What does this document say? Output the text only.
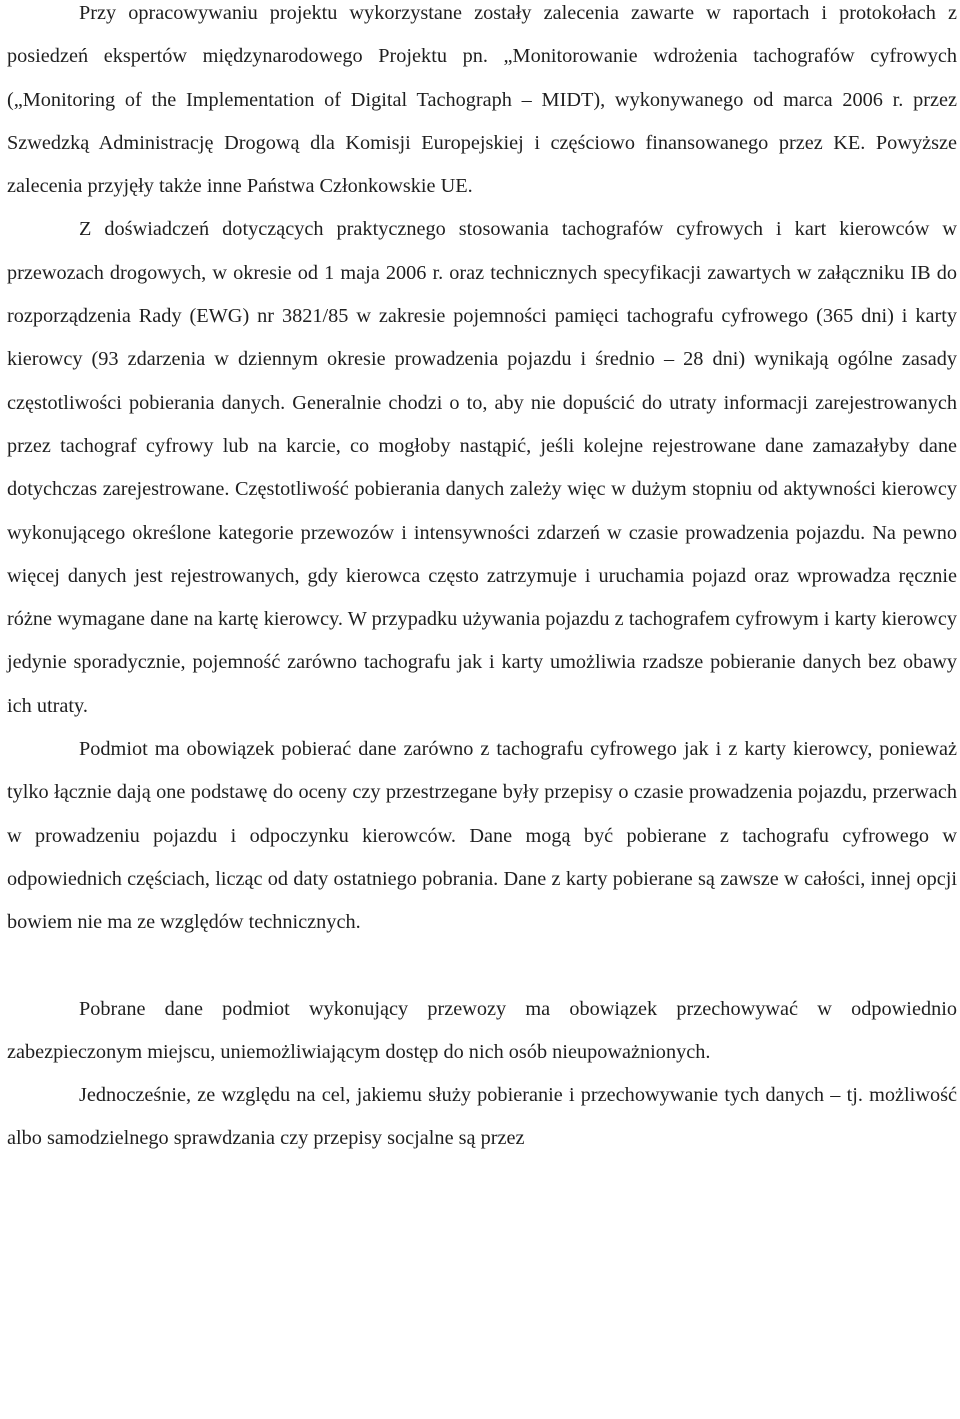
Przy opracowywaniu projektu wykorzystane zostały zalecenia zawarte w raportach i protokołach z posiedzeń ekspertów międzynarodowego Projektu pn. „Monitorowanie wdrożenia tachografów cyfrowych („Monitoring of the Implementation of Digital Tachograph – MIDT), wykonywanego od marca 2006 r. przez Szwedzką Administrację Drogową dla Komisji Europejskiej i częściowo finansowanego przez KE. Powyższe zalecenia przyjęły także inne Państwa Członkowskie UE.

Z doświadczeń dotyczących praktycznego stosowania tachografów cyfrowych i kart kierowców w przewozach drogowych, w okresie od 1 maja 2006 r. oraz technicznych specyfikacji zawartych w załączniku IB do rozporządzenia Rady (EWG) nr 3821/85 w zakresie pojemności pamięci tachografu cyfrowego (365 dni) i karty kierowcy (93 zdarzenia w dziennym okresie prowadzenia pojazdu i średnio – 28 dni) wynikają ogólne zasady częstotliwości pobierania danych. Generalnie chodzi o to, aby nie dopuścić do utraty informacji zarejestrowanych przez tachograf cyfrowy lub na karcie, co mogłoby nastąpić, jeśli kolejne rejestrowane dane zamazałyby dane dotychczas zarejestrowane. Częstotliwość pobierania danych zależy więc w dużym stopniu od aktywności kierowcy wykonującego określone kategorie przewozów i intensywności zdarzeń w czasie prowadzenia pojazdu. Na pewno więcej danych jest rejestrowanych, gdy kierowca często zatrzymuje i uruchamia pojazd oraz wprowadza ręcznie różne wymagane dane na kartę kierowcy. W przypadku używania pojazdu z tachografem cyfrowym i karty kierowcy jedynie sporadycznie, pojemność zarówno tachografu jak i karty umożliwia rzadsze pobieranie danych bez obawy ich utraty.

Podmiot ma obowiązek pobierać dane zarówno z tachografu cyfrowego jak i z karty kierowcy, ponieważ tylko łącznie dają one podstawę do oceny czy przestrzegane były przepisy o czasie prowadzenia pojazdu, przerwach w prowadzeniu pojazdu i odpoczynku kierowców. Dane mogą być pobierane z tachografu cyfrowego w odpowiednich częściach, licząc od daty ostatniego pobrania. Dane z karty pobierane są zawsze w całości, innej opcji bowiem nie ma ze względów technicznych.

Pobrane dane podmiot wykonujący przewozy ma obowiązek przechowywać w odpowiednio zabezpieczonym miejscu, uniemożliwiającym dostęp do nich osób nieupoważnionych.

Jednocześnie, ze względu na cel, jakiemu służy pobieranie i przechowywanie tych danych – tj. możliwość albo samodzielnego sprawdzania czy przepisy socjalne są przez
